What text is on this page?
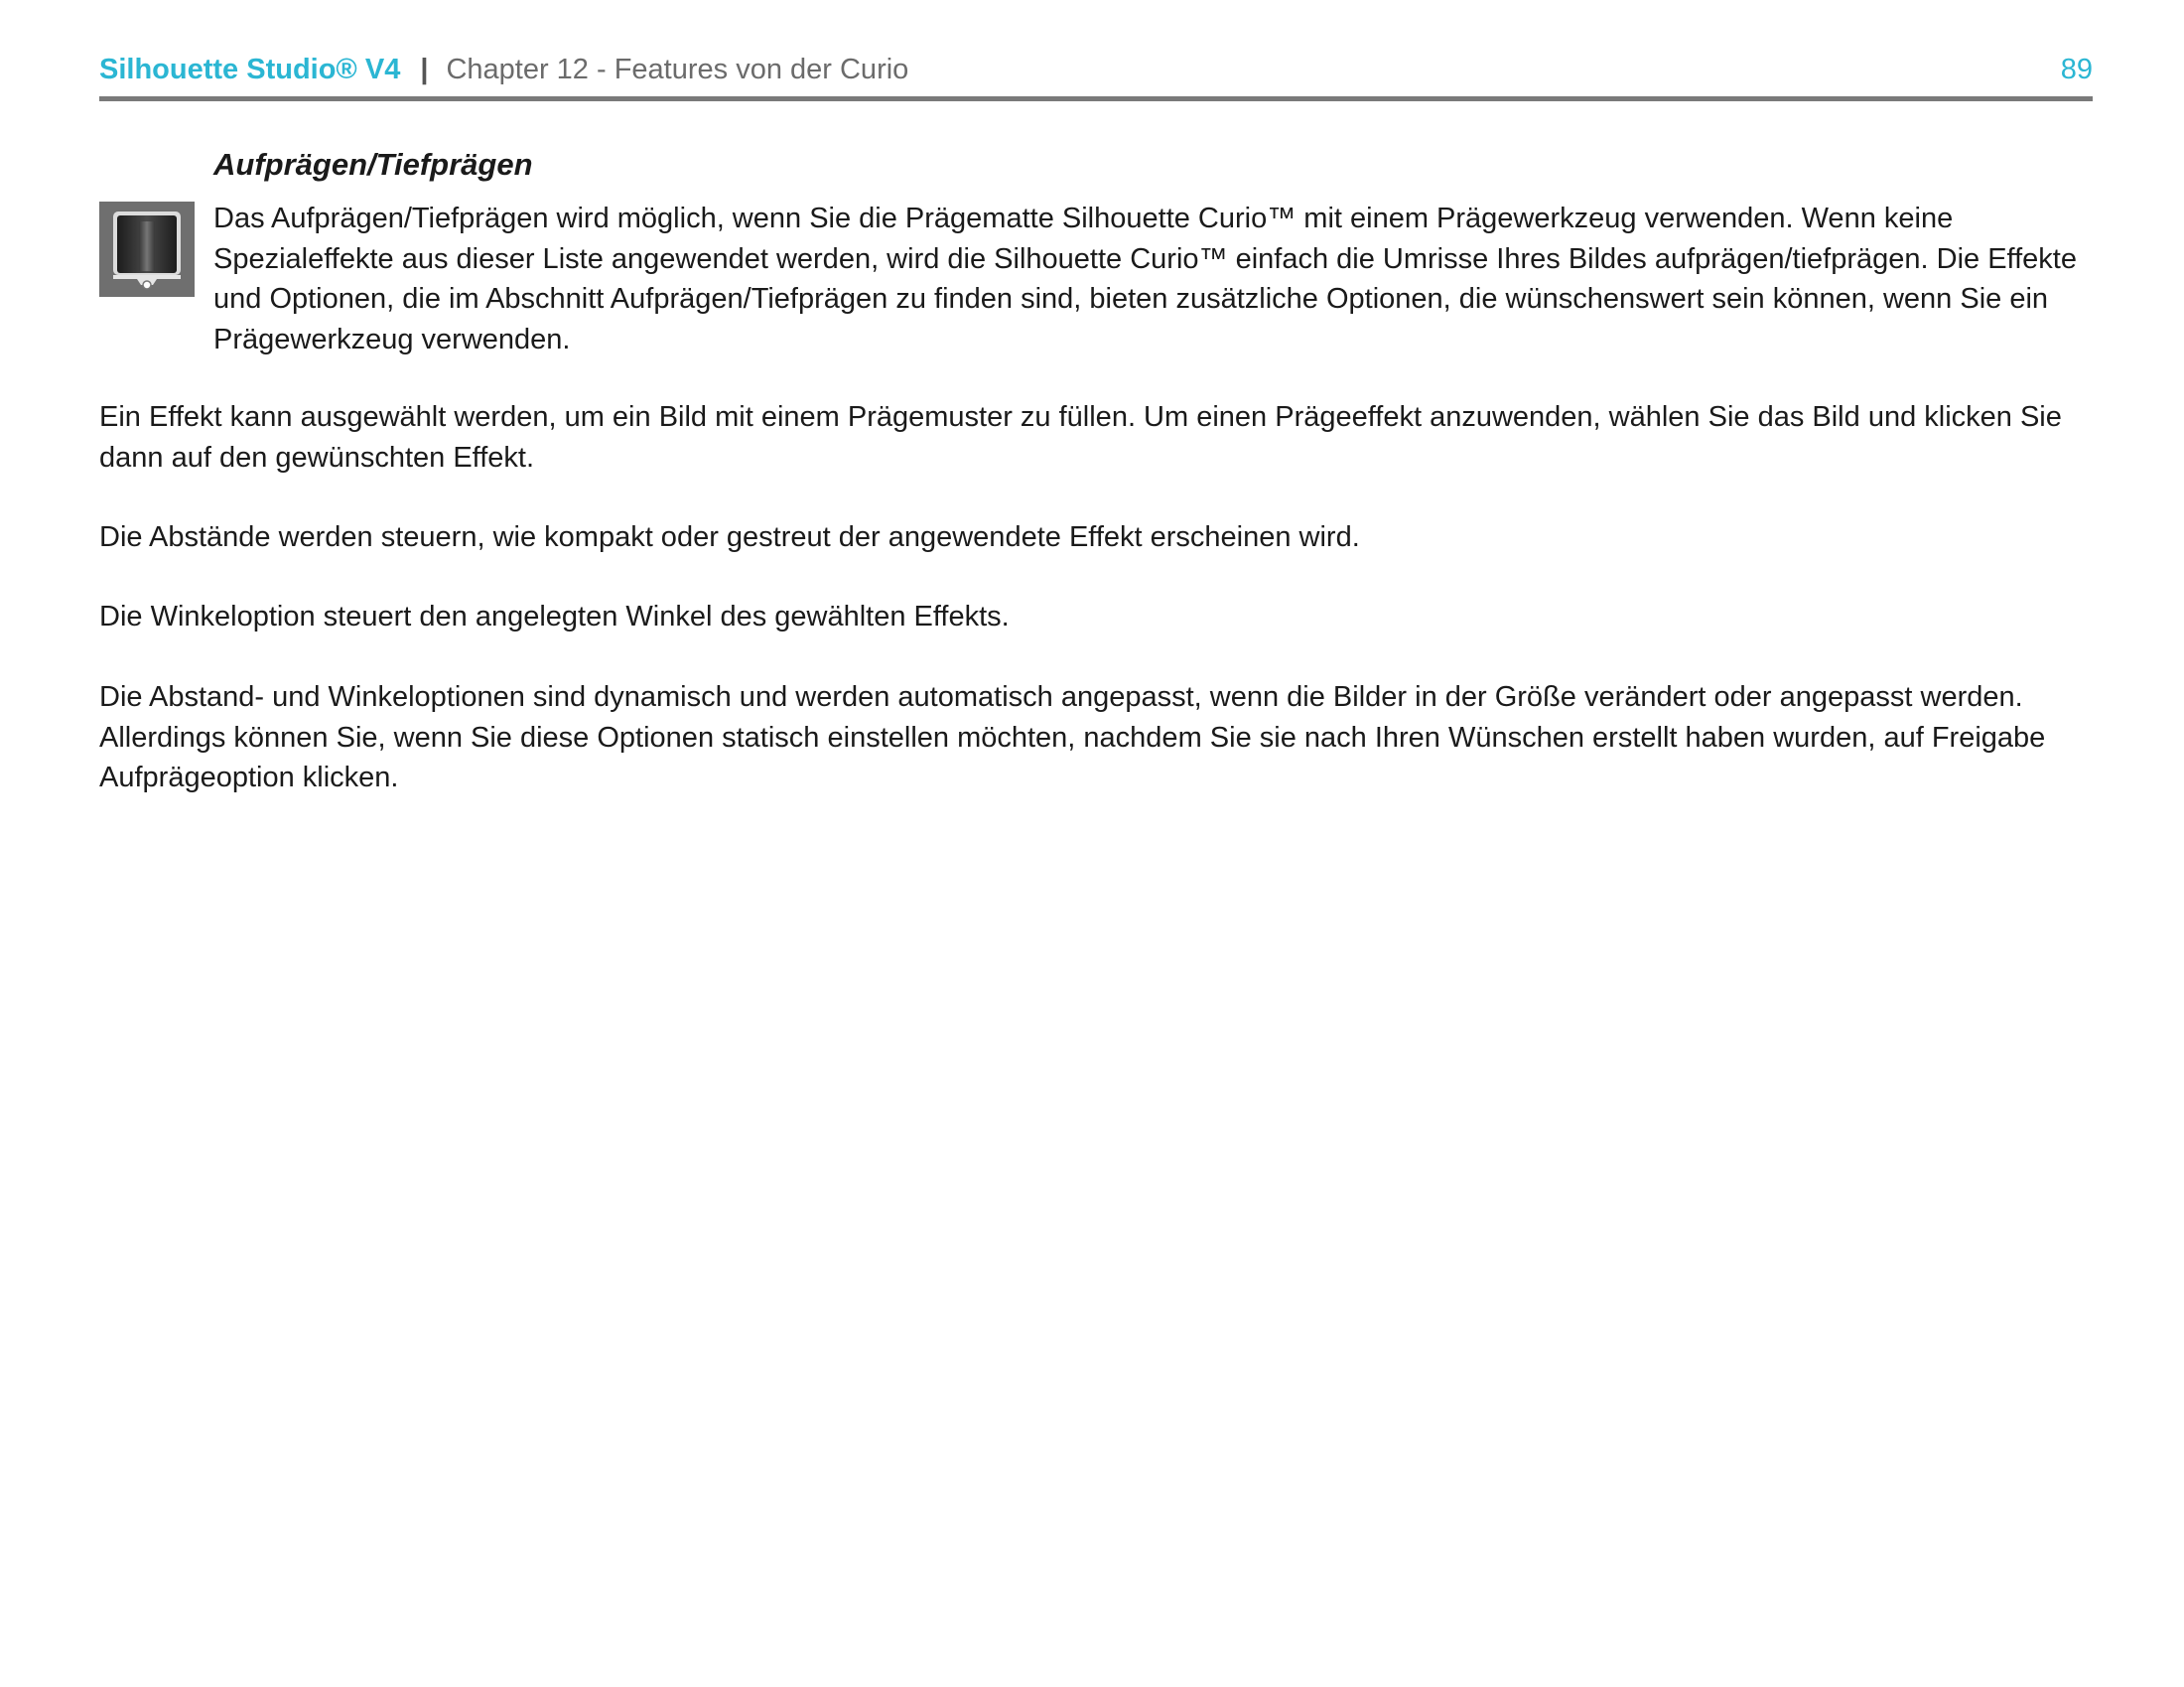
Silhouette Studio® V4 | Chapter 12 - Features von der Curio	89
Aufprägen/Tiefprägen

Das Aufprägen/Tiefprägen wird möglich, wenn Sie die Prägematte Silhouette Curio™ mit einem Prägewerkzeug verwenden. Wenn keine Spezialeffekte aus dieser Liste angewendet werden, wird die Silhouette Curio™ einfach die Umrisse Ihres Bildes aufprägen/tiefprägen. Die Effekte und Optionen, die im Abschnitt Aufprägen/Tiefprägen zu finden sind, bieten zusätzliche Optionen, die wünschenswert sein können, wenn Sie ein Prägewerkzeug verwenden.

Ein Effekt kann ausgewählt werden, um ein Bild mit einem Prägemuster zu füllen. Um einen Prägeeffekt anzuwenden, wählen Sie das Bild und klicken Sie dann auf den gewünschten Effekt.

Die Abstände werden steuern, wie kompakt oder gestreut der angewendete Effekt erscheinen wird.

Die Winkeloption steuert den angelegten Winkel des gewählten Effekts.

Die Abstand- und Winkeloptionen sind dynamisch und werden automatisch angepasst, wenn die Bilder in der Größe verändert oder angepasst werden. Allerdings können Sie, wenn Sie diese Optionen statisch einstellen möchten, nachdem Sie sie nach Ihren Wünschen erstellt haben wurden, auf Freigabe Aufprägeoption klicken.
